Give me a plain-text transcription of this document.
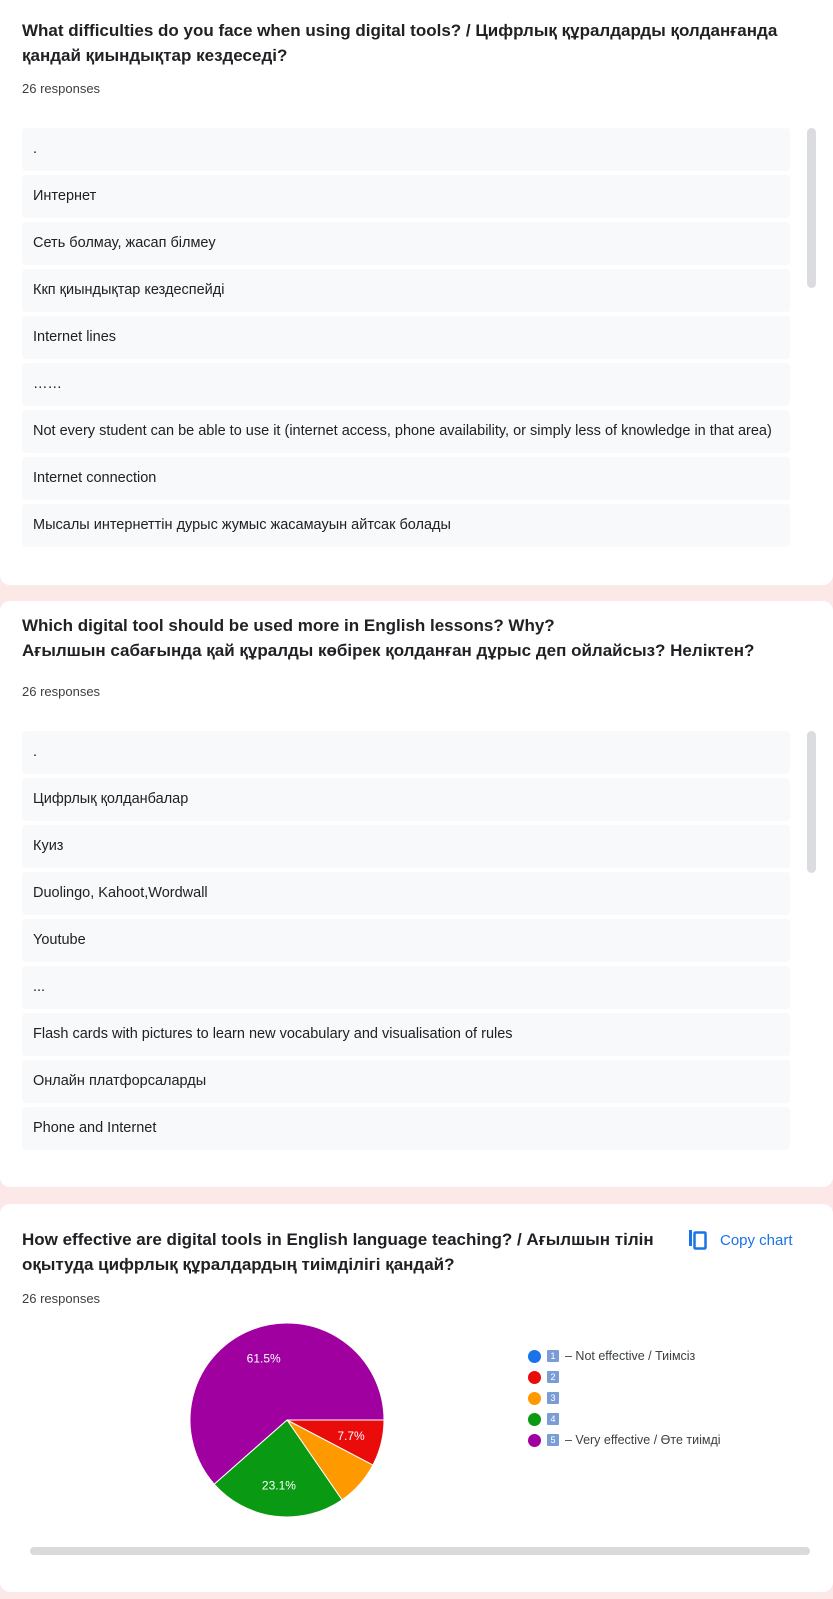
What difficulties do you face when using digital tools? / Цифрлық құралдарды қолданғанда қандай қиындықтар кездеседі?
26 responses
.
Интернет
Сеть болмау, жасап білмеу
Ккп қиындықтар кездеспейді
Internet lines
……
Not every student can be able to use it (internet access, phone availability, or simply less of knowledge in that area)
Internet connection
Мысалы интернеттін дурыс жумыс жасамауын айтсак болады
Which digital tool should be used more in English lessons? Why?
Ағылшын сабағында қай құралды көбірек қолданған дұрыс деп ойлайсыз? Неліктен?
26 responses
.
Цифрлық қолданбалар
Куиз
Duolingo, Kahoot,Wordwall
Youtube
...
Flash cards with pictures to learn new vocabulary and visualisation of rules
Онлайн платфорсаларды
Phone and Internet
How effective are digital tools in English language teaching? / Ағылшын тілін оқытуда цифрлық құралдардың тиімділігі қандай?
26 responses
Copy chart
7.7%
23.1%
61.5%	1 – Not effective / Тиімсіз
2
3
4
5 – Very effective / Өте тиімді
